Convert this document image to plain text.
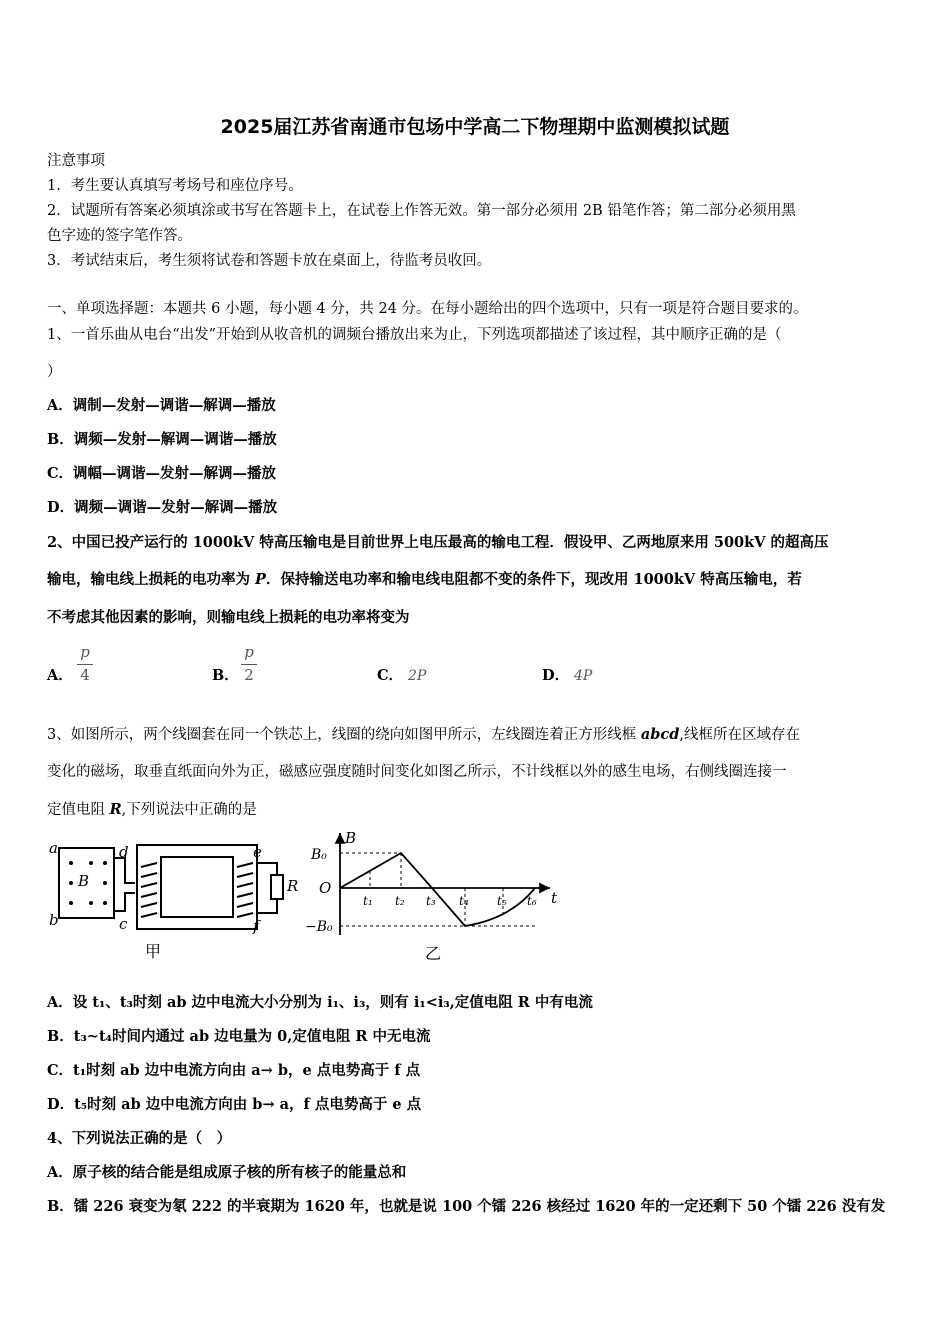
2025届江苏省南通市包场中学高二下物理期中监测模拟试题
注意事项
1．考生要认真填写考场号和座位序号。
2．试题所有答案必须填涂或书写在答题卡上，在试卷上作答无效。第一部分必须用 2B 铅笔作答；第二部分必须用黑
色字迹的签字笔作答。
3．考试结束后，考生须将试卷和答题卡放在桌面上，待监考员收回。
一、单项选择题：本题共 6 小题，每小题 4 分，共 24 分。在每小题给出的四个选项中，只有一项是符合题目要求的。
1、一首乐曲从电台“出发”开始到从收音机的调频台播放出来为止，下列选项都描述了该过程，其中顺序正确的是（
）
A．调制—发射—调谐—解调—播放
B．调频—发射—解调—调谐—播放
C．调幅—调谐—发射—解调—播放
D．调频—调谐—发射—解调—播放
2、中国已投产运行的 1000kV 特高压输电是目前世界上电压最高的输电工程．假设甲、乙两地原来用 500kV 的超高压
输电，输电线上损耗的电功率为 P．保持输送电功率和输电线电阻都不变的条件下，现改用 1000kV 特高压输电，若
不考虑其他因素的影响，则输电线上损耗的电功率将变为
A．
p
4	B．
p
2	C． 2P	D． 4P
3、如图所示，两个线圈套在同一个铁芯上，线圈的绕向如图甲所示，左线圈连着正方形线框 abcd,线框所在区域存在
变化的磁场，取垂直纸面向外为正，磁感应强度随时间变化如图乙所示，不计线框以外的感生电场，右侧线圈连接一
定值电阻 R,下列说法中正确的是
B	R
a
b	c
d	e
f
甲
B₀
B
O
−B₀
t
t₁ t₂ t₃ t₄ t₅ t₆
乙
A．设 t₁、t₃时刻 ab 边中电流大小分别为 i₁、i₃，则有 i₁<i₃,定值电阻 R 中有电流
B．t₃~t₄时间内通过 ab 边电量为 0,定值电阻 R 中无电流
C．t₁时刻 ab 边中电流方向由 a→ b，e 点电势高于 f 点
D．t₅时刻 ab 边中电流方向由 b→ a，f 点电势高于 e 点
4、下列说法正确的是（　）
A．原子核的结合能是组成原子核的所有核子的能量总和
B．镭 226 衰变为氡 222 的半衰期为 1620 年，也就是说 100 个镭 226 核经过 1620 年的一定还剩下 50 个镭 226 没有发
